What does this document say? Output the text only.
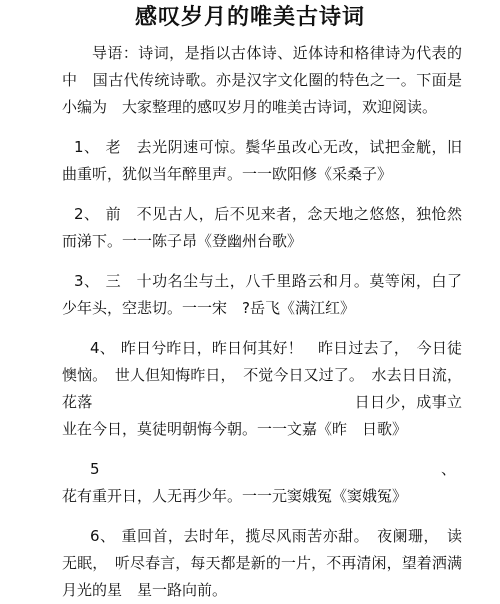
感叹岁月的唯美古诗词

导语：诗词，是指以古体诗、近体诗和格律诗为代表的中　国古代传统诗歌。亦是汉字文化圈的特色之一。下面是小编为　大家整理的感叹岁月的唯美古诗词，欢迎阅读。

1、 老　去光阴速可惊。鬓华虽改心无改，试把金觥，旧　曲重听，犹似当年醉里声。一一欧阳修《采桑子》

2、 前　不见古人，后不见来者，念天地之悠悠，独怆然　而涕下。一一陈子昂《登幽州台歌》

3、 三　十功名尘与土，八千里路云和月。莫等闲，白了　少年头，空悲切。一一宋　?岳飞《满江红》

4、 昨日兮昨日，昨日何其好！　昨日过去了，　今日徒懊恼。　世人但知悔昨日，　不觉今日又过了。　水去日日流，花落　　　　　　　　　　　　　　　　　日日少，成事立业在今日，莫徒明朝悔今朝。一一文嘉《昨　日歌》

5、花有重开日，人无再少年。一一元窦娥冤《窦娥冤》

6、 重回首，去时年，揽尽风雨苦亦甜。　夜阑珊，　读无眠，　听尽春言，每天都是新的一片，不再清闲，望着洒满月光的星　星一路向前。
